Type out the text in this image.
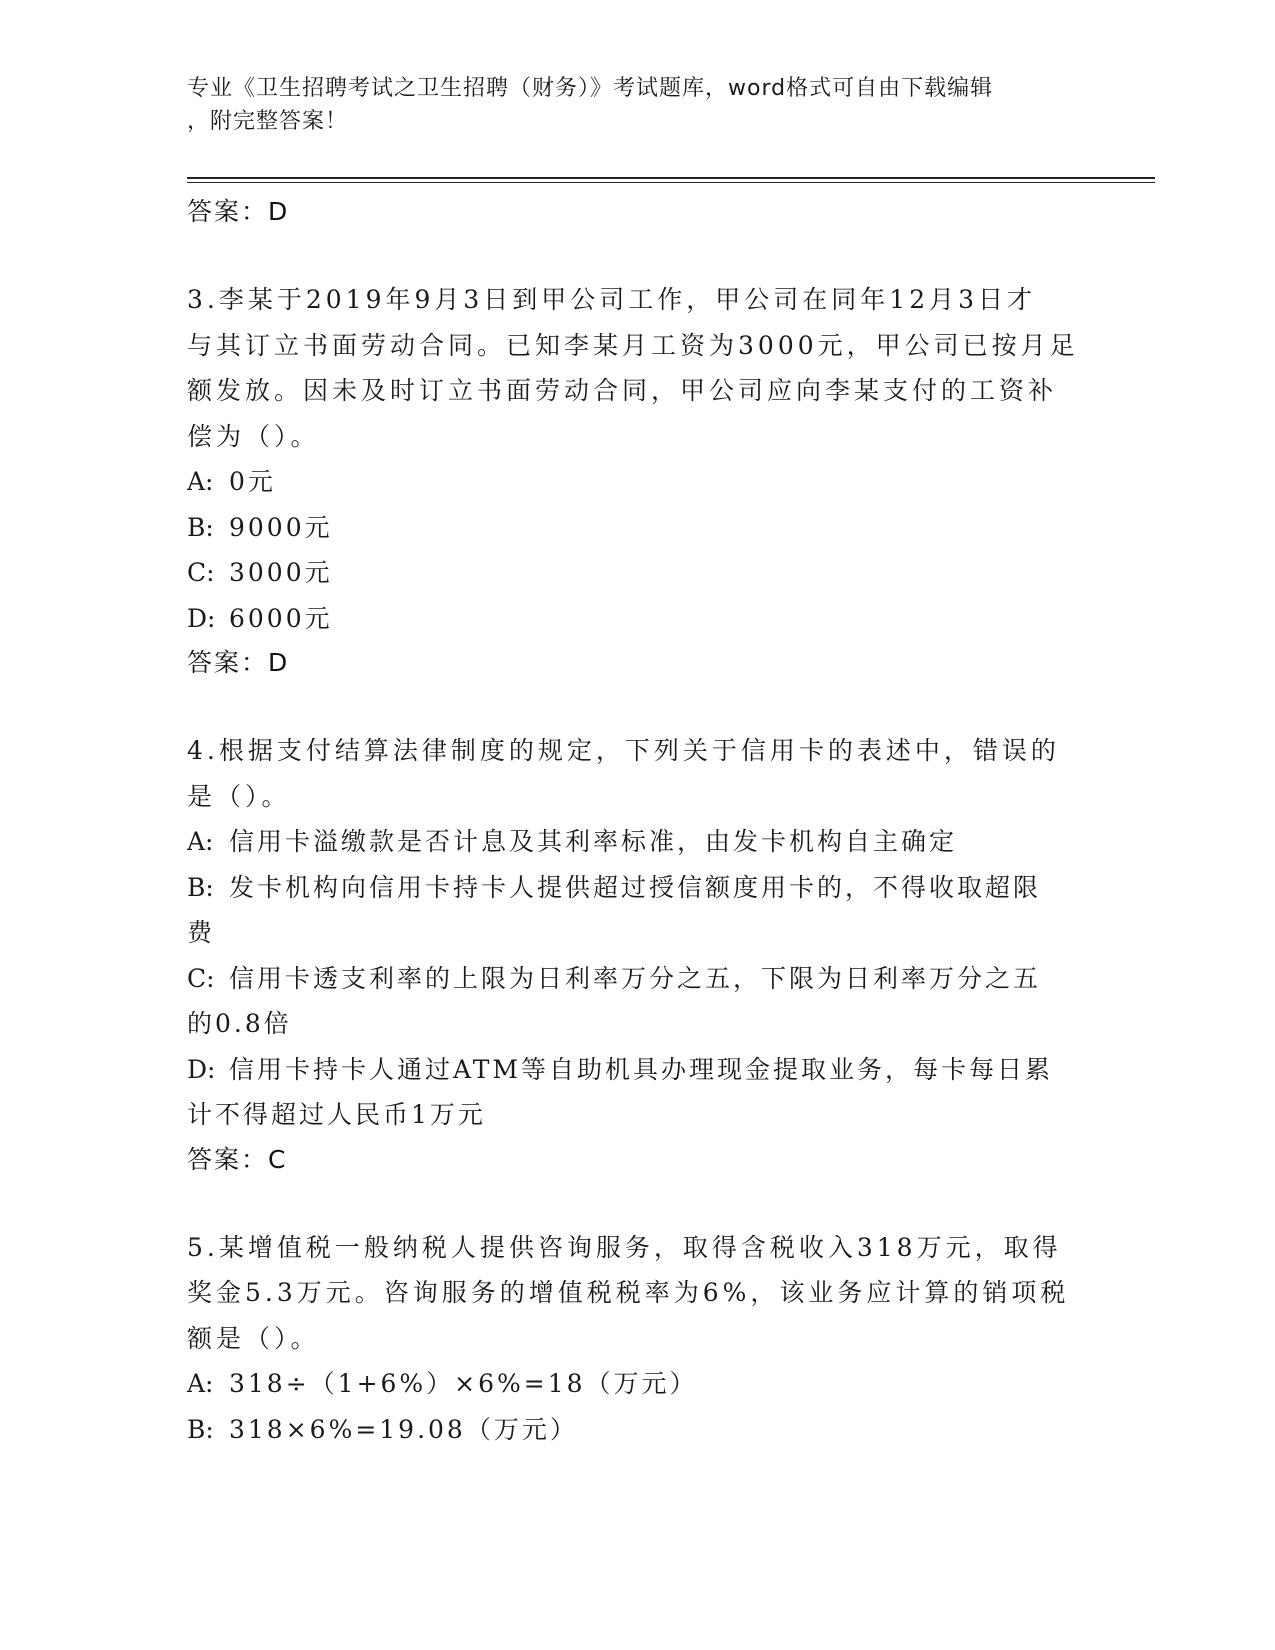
专业《卫生招聘考试之卫生招聘（财务）》考试题库，word格式可自由下载编辑
，附完整答案！
答案：D
3.李某于2019年9月3日到甲公司工作，甲公司在同年12月3日才
与其订立书面劳动合同。已知李某月工资为3000元，甲公司已按月足
额发放。因未及时订立书面劳动合同，甲公司应向李某支付的工资补
偿为（）。
A: 0元
B: 9000元
C: 3000元
D: 6000元
答案：D
4.根据支付结算法律制度的规定，下列关于信用卡的表述中，错误的
是（）。
A: 信用卡溢缴款是否计息及其利率标准，由发卡机构自主确定
B: 发卡机构向信用卡持卡人提供超过授信额度用卡的，不得收取超限
费
C: 信用卡透支利率的上限为日利率万分之五，下限为日利率万分之五
的0.8倍
D: 信用卡持卡人通过ATM等自助机具办理现金提取业务，每卡每日累
计不得超过人民币1万元
答案：C
5.某增值税一般纳税人提供咨询服务，取得含税收入318万元，取得
奖金5.3万元。咨询服务的增值税税率为6%，该业务应计算的销项税
额是（）。
A: 318÷（1+6%）×6%=18（万元）
B: 318×6%=19.08（万元）
